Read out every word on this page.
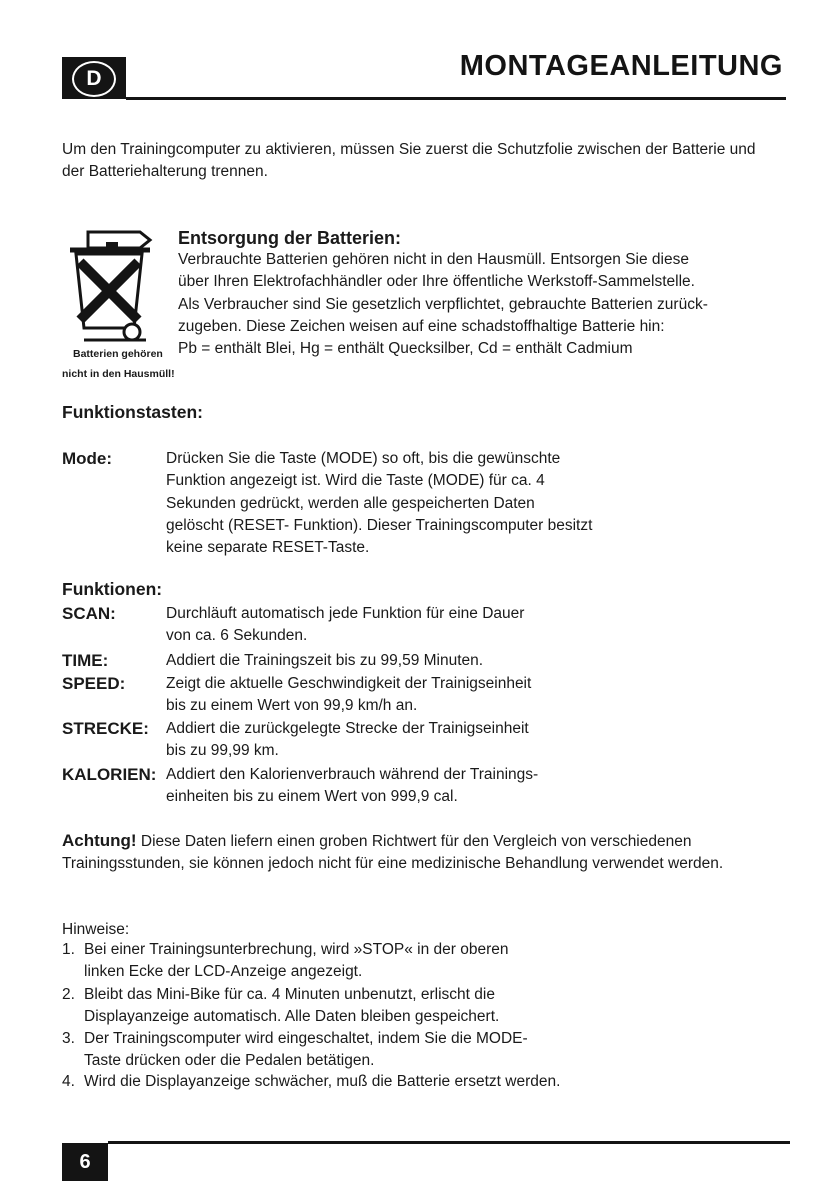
D	MONTAGEANLEITUNG
Um den Trainingcomputer zu aktivieren, müssen Sie zuerst die Schutzfolie zwischen der Batterie und der Batteriehalterung trennen.
Batterien gehören
nicht in den Hausmüll!
Entsorgung der Batterien:
Verbrauchte Batterien gehören nicht in den Hausmüll. Entsorgen Sie diese
über Ihren Elektrofachhändler oder Ihre öffentliche Werkstoff-Sammelstelle.
Als Verbraucher sind Sie gesetzlich verpflichtet, gebrauchte Batterien zurück-
zugeben. Diese Zeichen weisen auf eine schadstoffhaltige Batterie hin:
Pb = enthält Blei, Hg = enthält Quecksilber, Cd = enthält Cadmium
Funktionstasten:
Mode:	Drücken Sie die Taste (MODE) so oft, bis die gewünschte
Funktion angezeigt ist. Wird die Taste (MODE) für ca. 4
Sekunden gedrückt, werden alle gespeicherten Daten
gelöscht (RESET- Funktion). Dieser Trainingscomputer besitzt
keine separate RESET-Taste.
Funktionen:
SCAN:	Durchläuft automatisch jede Funktion für eine Dauer
von ca. 6 Sekunden.
TIME:	Addiert die Trainingszeit bis zu 99,59 Minuten.
SPEED:	Zeigt die aktuelle Geschwindigkeit der Trainigseinheit
bis zu einem Wert von 99,9 km/h an.
STRECKE: Addiert die zurückgelegte Strecke der Trainigseinheit
bis zu 99,99 km.
KALORIEN: Addiert den Kalorienverbrauch während der Trainings-
einheiten bis zu einem Wert von 999,9 cal.
Achtung! Diese Daten liefern einen groben Richtwert für den Vergleich von verschiedenen Trainingsstunden, sie können jedoch nicht für eine medizinische Behandlung verwendet werden.
Hinweise:
1. Bei einer Trainingsunterbrechung, wird »STOP« in der oberen
linken Ecke der LCD-Anzeige angezeigt.
2. Bleibt das Mini-Bike für ca. 4 Minuten unbenutzt, erlischt die
Displayanzeige automatisch. Alle Daten bleiben gespeichert.
3. Der Trainingscomputer wird eingeschaltet, indem Sie die MODE-
Taste drücken oder die Pedalen betätigen.
4. Wird die Displayanzeige schwächer, muß die Batterie ersetzt werden.
6
